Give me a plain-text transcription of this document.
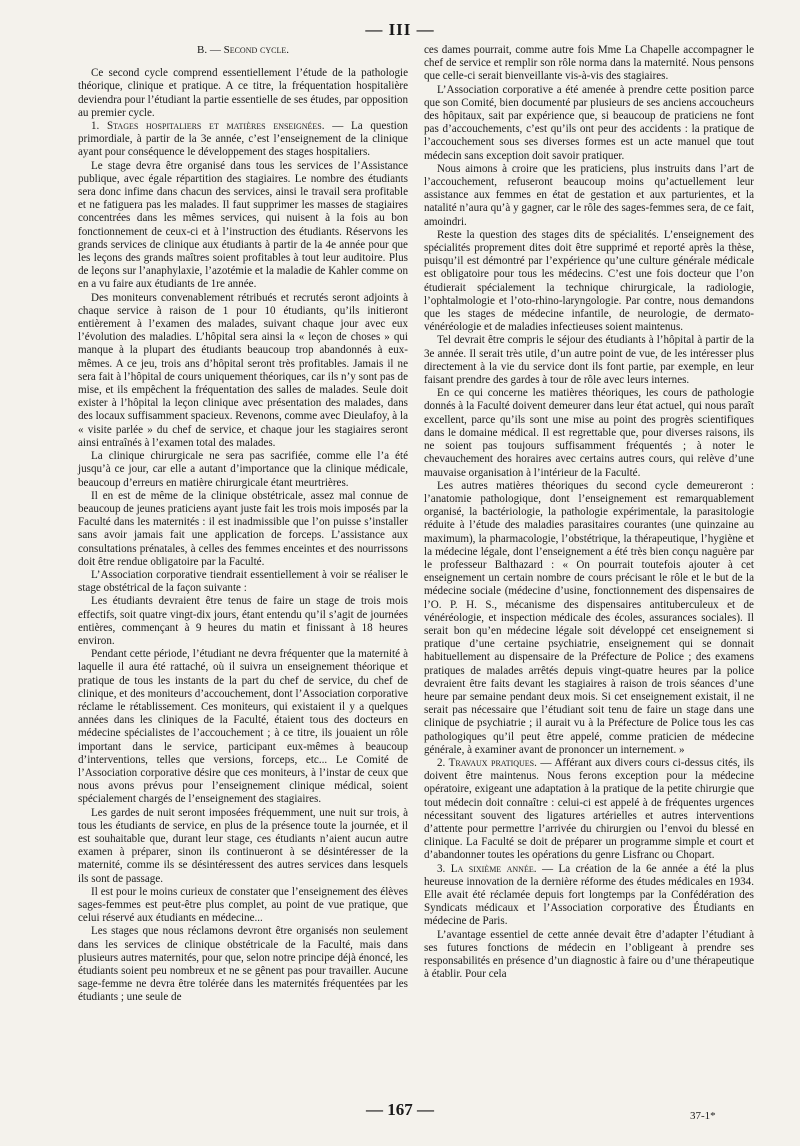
— III —
B. — Second cycle.

Ce second cycle comprend essentiellement l’étude de la pathologie théorique, clinique et pratique. A ce titre, la fréquentation hospitalière deviendra pour l’étudiant la partie essentielle de ses études, par opposition au premier cycle.

1. Stages hospitaliers et matières enseignées. — La question primordiale, à partir de la 3e année, c’est l’enseignement de la clinique ayant pour conséquence le développement des stages hospitaliers.

Le stage devra être organisé dans tous les services de l’Assistance publique, avec égale répartition des stagiaires. Le nombre des étudiants sera donc infime dans chacun des services, ainsi le travail sera profitable et ne fatiguera pas les malades. Il faut supprimer les masses de stagiaires concentrées dans les mêmes services, qui nuisent à la fois au bon fonctionnement de ceux-ci et à l’instruction des étudiants. Réservons les grands services de clinique aux étudiants à partir de la 4e année pour que les leçons des grands maîtres soient profitables à tout leur auditoire. Plus de leçons sur l’anaphylaxie, l’azotémie et la maladie de Kahler comme on en a vu faire aux étudiants de 1re année.

Des moniteurs convenablement rétribués et recrutés seront adjoints à chaque service à raison de 1 pour 10 étudiants, qu’ils initieront entièrement à l’examen des malades, suivant chaque jour avec eux l’évolution des maladies. L’hôpital sera ainsi la « leçon de choses » qui manque à la plupart des étudiants beaucoup trop abandonnés à eux-mêmes. A ce jeu, trois ans d’hôpital seront très profitables. Jamais il ne sera fait à l’hôpital de cours uniquement théoriques, car ils n’y sont pas de mise, et ils empêchent la fréquentation des salles de malades. Seule doit exister à l’hôpital la leçon clinique avec présentation des malades, dans des locaux suffisamment spacieux. Revenons, comme avec Dieulafoy, à la « visite parlée » du chef de service, et chaque jour les stagiaires seront ainsi entraînés à l’examen total des malades.

La clinique chirurgicale ne sera pas sacrifiée, comme elle l’a été jusqu’à ce jour, car elle a autant d’importance que la clinique médicale, beaucoup d’erreurs en matière chirurgicale étant meurtrières.

Il en est de même de la clinique obstétricale, assez mal connue de beaucoup de jeunes praticiens ayant juste fait les trois mois imposés par la Faculté dans les maternités : il est inadmissible que l’on puisse s’installer sans avoir jamais fait une application de forceps. L’assistance aux consultations prénatales, à celles des femmes enceintes et des nourrissons doit être rendue obligatoire par la Faculté.

L’Association corporative tiendrait essentiellement à voir se réaliser le stage obstétrical de la façon suivante :

Les étudiants devraient être tenus de faire un stage de trois mois effectifs, soit quatre vingt-dix jours, étant entendu qu’il s’agit de journées entières, commençant à 9 heures du matin et finissant à 18 heures environ.

Pendant cette période, l’étudiant ne devra fréquenter que la maternité à laquelle il aura été rattaché, où il suivra un enseignement théorique et pratique de tous les instants de la part du chef de service, du chef de clinique, et des moniteurs d’accouchement, dont l’Association corporative réclame le rétablissement. Ces moniteurs, qui existaient il y a quelques années dans les cliniques de la Faculté, étaient tous des docteurs en médecine spécialistes de l’accouchement ; à ce titre, ils jouaient un rôle important dans le service, participant eux-mêmes à beaucoup d’interventions, telles que versions, forceps, etc... Le Comité de l’Association corporative désire que ces moniteurs, à l’instar de ceux que nous avons prévus pour l’enseignement clinique médical, soient spécialement chargés de l’enseignement des stagiaires.

Les gardes de nuit seront imposées fréquemment, une nuit sur trois, à tous les étudiants de service, en plus de la présence toute la journée, et il est souhaitable que, durant leur stage, ces étudiants n’aient aucun autre examen à préparer, sinon ils continueront à se désintéresser de la maternité, comme ils se désintéressent des autres services dans lesquels ils sont de passage.

Il est pour le moins curieux de constater que l’enseignement des élèves sages-femmes est peut-être plus complet, au point de vue pratique, que celui réservé aux étudiants en médecine...

Les stages que nous réclamons devront être organisés non seulement dans les services de clinique obstétricale de la Faculté, mais dans plusieurs autres maternités, pour que, selon notre principe déjà énoncé, les étudiants soient peu nombreux et ne se gênent pas pour travailler. Aucune sage-femme ne devra être tolérée dans les maternités fréquentées par les étudiants ; une seule de

ces dames pourrait, comme autre fois Mme La Chapelle accompagner le chef de service et remplir son rôle norma dans la maternité. Nous pensons que celle-ci serait bienveillante vis-à-vis des stagiaires.

L’Association corporative a été amenée à prendre cette position parce que son Comité, bien documenté par plusieurs de ses anciens accoucheurs des hôpitaux, sait par expérience que, si beaucoup de praticiens ne font pas d’accouchements, c’est qu’ils ont peur des accidents : la pratique de l’accouchement sous ses diverses formes est un acte manuel que tout médecin sans exception doit savoir pratiquer.

Nous aimons à croire que les praticiens, plus instruits dans l’art de l’accouchement, refuseront beaucoup moins qu’actuellement leur assistance aux femmes en état de gestation et aux parturientes, et la natalité n’aura qu’à y gagner, car le rôle des sages-femmes sera, de ce fait, amoindri.

Reste la question des stages dits de spécialités. L’enseignement des spécialités proprement dites doit être supprimé et reporté après la thèse, puisqu’il est démontré par l’expérience qu’une culture générale médicale est obligatoire pour tous les médecins. C’est une fois docteur que l’on étudierait spécialement la technique chirurgicale, la radiologie, l’ophtalmologie et l’oto-rhino-laryngologie. Par contre, nous demandons que les stages de médecine infantile, de neurologie, de dermato-vénéréologie et de maladies infectieuses soient maintenus.

Tel devrait être compris le séjour des étudiants à l’hôpital à partir de la 3e année. Il serait très utile, d’un autre point de vue, de les intéresser plus directement à la vie du service dont ils font partie, par exemple, en leur faisant prendre des gardes à tour de rôle avec leurs internes.

En ce qui concerne les matières théoriques, les cours de pathologie donnés à la Faculté doivent demeurer dans leur état actuel, qui nous paraît excellent, parce qu’ils sont une mise au point des progrès scientifiques dans le domaine médical. Il est regrettable que, pour diverses raisons, ils ne soient pas toujours suffisamment fréquentés ; à noter le chevauchement des horaires avec certains autres cours, qui relève d’une mauvaise organisation à l’intérieur de la Faculté.

Les autres matières théoriques du second cycle demeureront : l’anatomie pathologique, dont l’enseignement est remarquablement organisé, la bactériologie, la pathologie expérimentale, la parasitologie réduite à l’étude des maladies parasitaires courantes (une quinzaine au maximum), la pharmacologie, l’obstétrique, la thérapeutique, l’hygiène et la médecine légale, dont l’enseignement a été très bien conçu naguère par le professeur Balthazard : « On pourrait toutefois ajouter à cet enseignement un certain nombre de cours précisant le rôle et le but de la médecine sociale (médecine d’usine, fonctionnement des dispensaires de l’O. P. H. S., mécanisme des dispensaires antituberculeux et de vénéréologie, et inspection médicale des écoles, assurances sociales). Il serait bon qu’en médecine légale soit développé cet enseignement si pratique d’une certaine psychiatrie, enseignement qui se donnait habituellement au dispensaire de la Préfecture de Police ; des examens pratiques de malades arrêtés depuis vingt-quatre heures par la police devraient être faits devant les stagiaires à raison de trois séances d’une heure par semaine pendant deux mois. Si cet enseignement existait, il ne serait pas nécessaire que l’étudiant soit tenu de faire un stage dans une clinique de psychiatrie ; il aurait vu à la Préfecture de Police tous les cas pathologiques qu’il peut être appelé, comme praticien de médecine générale, à examiner avant de prononcer un internement. »

2. Travaux pratiques. — Afférant aux divers cours ci-dessus cités, ils doivent être maintenus. Nous ferons exception pour la médecine opératoire, exigeant une adaptation à la pratique de la petite chirurgie que tout médecin doit connaître : celui-ci est appelé à de fréquentes urgences nécessitant souvent des ligatures artérielles et autres interventions d’attente pour permettre l’arrivée du chirurgien ou l’envoi du blessé en clinique. La Faculté se doit de préparer un programme simple et court et d’abandonner toutes les opérations du genre Lisfranc ou Chopart.

3. La sixième année. — La création de la 6e année a été la plus heureuse innovation de la dernière réforme des études médicales en 1934. Elle avait été réclamée depuis fort longtemps par la Confédération des Syndicats médicaux et l’Association corporative des Étudiants en médecine de Paris.

L’avantage essentiel de cette année devait être d’adapter l’étudiant à ses futures fonctions de médecin en l’obligeant à prendre ses responsabilités en présence d’un diagnostic à faire ou d’une thérapeutique à établir. Pour cela

— 167 —	37-1*
